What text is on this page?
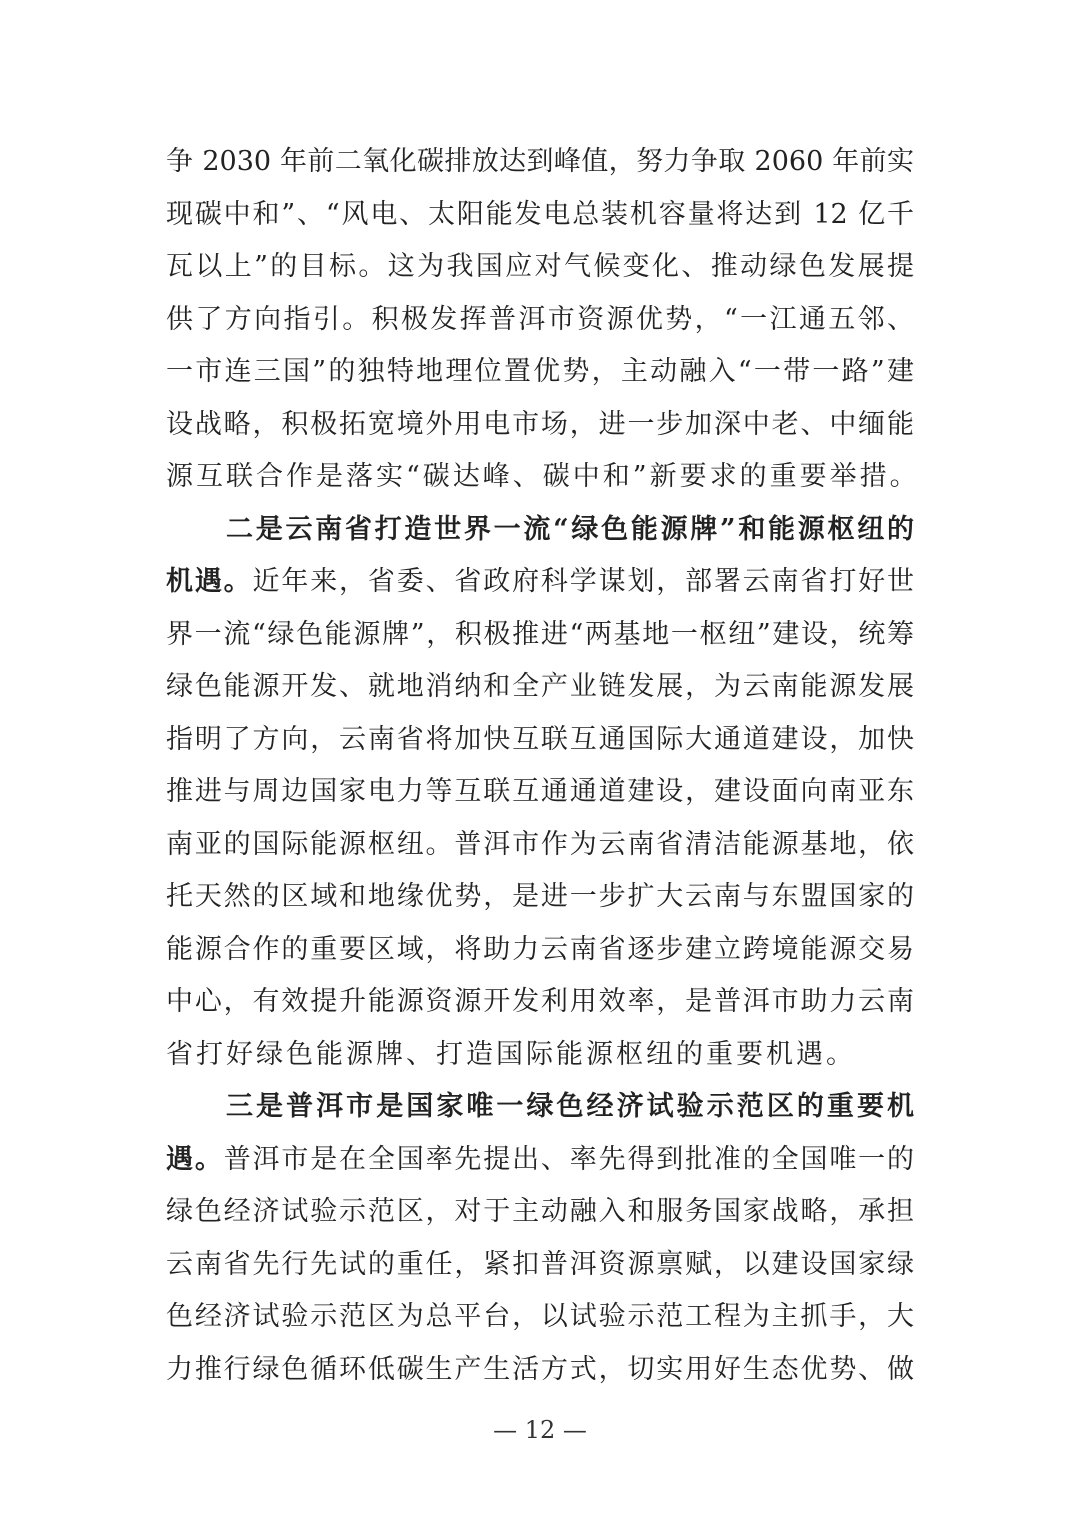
— 12 —
争 2030 年前二氧化碳排放达到峰值，努力争取 2060 年前实
现碳中和”、“风电、太阳能发电总装机容量将达到 12 亿千
瓦以上”的目标。这为我国应对气候变化、推动绿色发展提
供了方向指引。积极发挥普洱市资源优势，“一江通五邻、
一市连三国”的独特地理位置优势，主动融入“一带一路”建
设战略，积极拓宽境外用电市场，进一步加深中老、中缅能
源互联合作是落实“碳达峰、碳中和”新要求的重要举措。
二是云南省打造世界一流“绿色能源牌”和能源枢纽的
机遇。近年来，省委、省政府科学谋划，部署云南省打好世
界一流“绿色能源牌”，积极推进“两基地一枢纽”建设，统筹
绿色能源开发、就地消纳和全产业链发展，为云南能源发展
指明了方向，云南省将加快互联互通国际大通道建设，加快
推进与周边国家电力等互联互通通道建设，建设面向南亚东
南亚的国际能源枢纽。普洱市作为云南省清洁能源基地，依
托天然的区域和地缘优势，是进一步扩大云南与东盟国家的
能源合作的重要区域，将助力云南省逐步建立跨境能源交易
中心，有效提升能源资源开发利用效率，是普洱市助力云南
省打好绿色能源牌、打造国际能源枢纽的重要机遇。
三是普洱市是国家唯一绿色经济试验示范区的重要机
遇。普洱市是在全国率先提出、率先得到批准的全国唯一的
绿色经济试验示范区，对于主动融入和服务国家战略，承担
云南省先行先试的重任，紧扣普洱资源禀赋，以建设国家绿
色经济试验示范区为总平台，以试验示范工程为主抓手，大
力推行绿色循环低碳生产生活方式，切实用好生态优势、做
